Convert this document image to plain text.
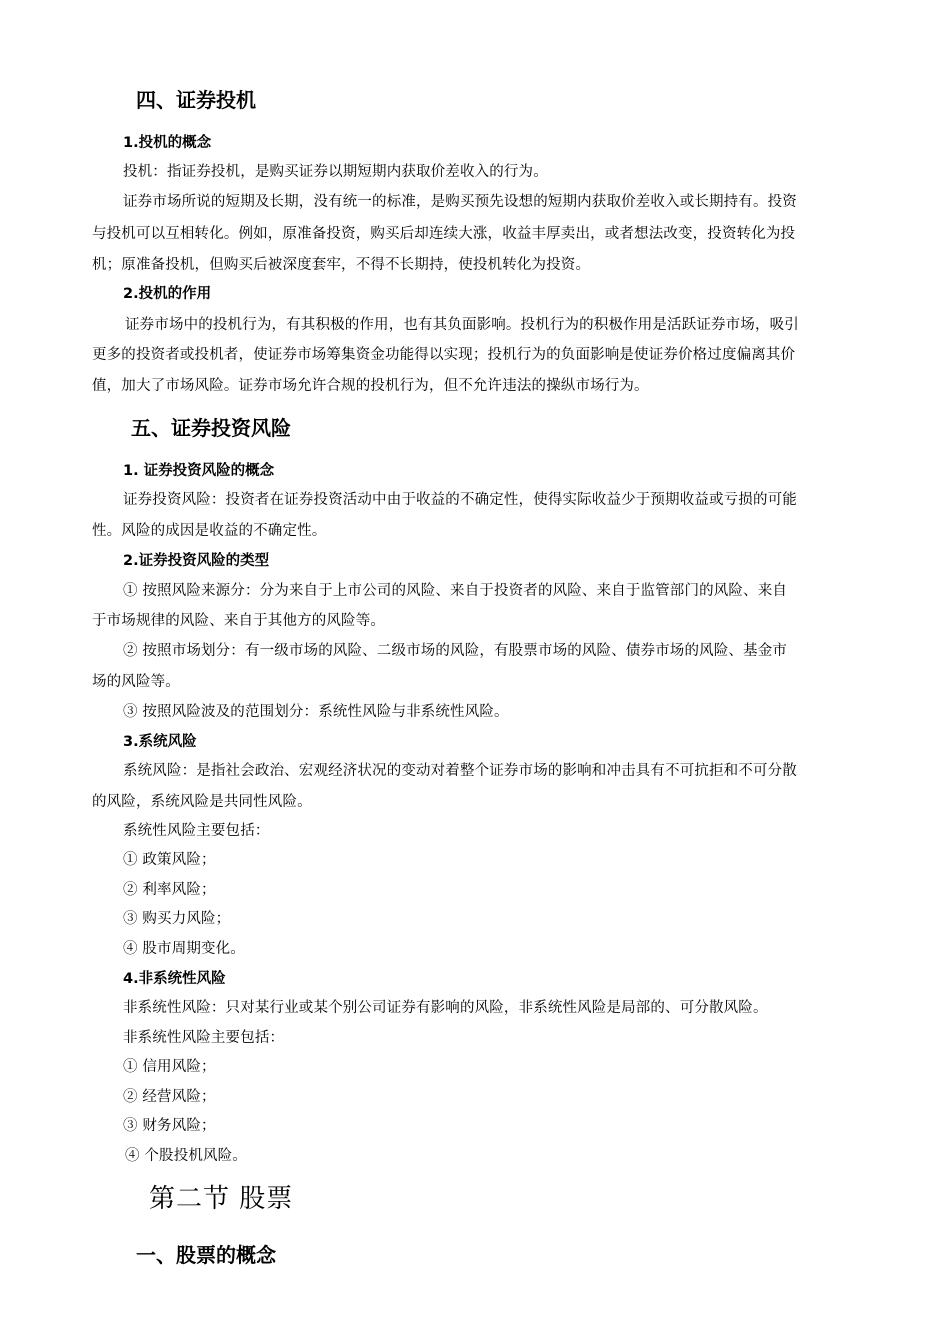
四、证券投机
1.投机的概念
投机：指证券投机，是购买证券以期短期内获取价差收入的行为。
证券市场所说的短期及长期，没有统一的标准，是购买预先设想的短期内获取价差收入或长期持有。投资
与投机可以互相转化。例如，原准备投资，购买后却连续大涨，收益丰厚卖出，或者想法改变，投资转化为投
机；原准备投机，但购买后被深度套牢，不得不长期持，使投机转化为投资。
2.投机的作用
证券市场中的投机行为，有其积极的作用，也有其负面影响。投机行为的积极作用是活跃证券市场，吸引
更多的投资者或投机者，使证券市场筹集资金功能得以实现；投机行为的负面影响是使证券价格过度偏离其价
值，加大了市场风险。证券市场允许合规的投机行为，但不允许违法的操纵市场行为。
五、证券投资风险
1. 证券投资风险的概念
证券投资风险：投资者在证券投资活动中由于收益的不确定性，使得实际收益少于预期收益或亏损的可能
性。风险的成因是收益的不确定性。
2.证券投资风险的类型
① 按照风险来源分：分为来自于上市公司的风险、来自于投资者的风险、来自于监管部门的风险、来自
于市场规律的风险、来自于其他方的风险等。
② 按照市场划分：有一级市场的风险、二级市场的风险，有股票市场的风险、债券市场的风险、基金市
场的风险等。
③ 按照风险波及的范围划分：系统性风险与非系统性风险。
3.系统风险
系统风险：是指社会政治、宏观经济状况的变动对着整个证券市场的影响和冲击具有不可抗拒和不可分散
的风险，系统风险是共同性风险。
系统性风险主要包括：
① 政策风险；
② 利率风险；
③ 购买力风险；
④ 股市周期变化。
4.非系统性风险
非系统性风险：只对某行业或某个别公司证券有影响的风险，非系统性风险是局部的、可分散风险。
非系统性风险主要包括：
① 信用风险；
② 经营风险；
③ 财务风险；
④ 个股投机风险。
第二节 股票
一、股票的概念
